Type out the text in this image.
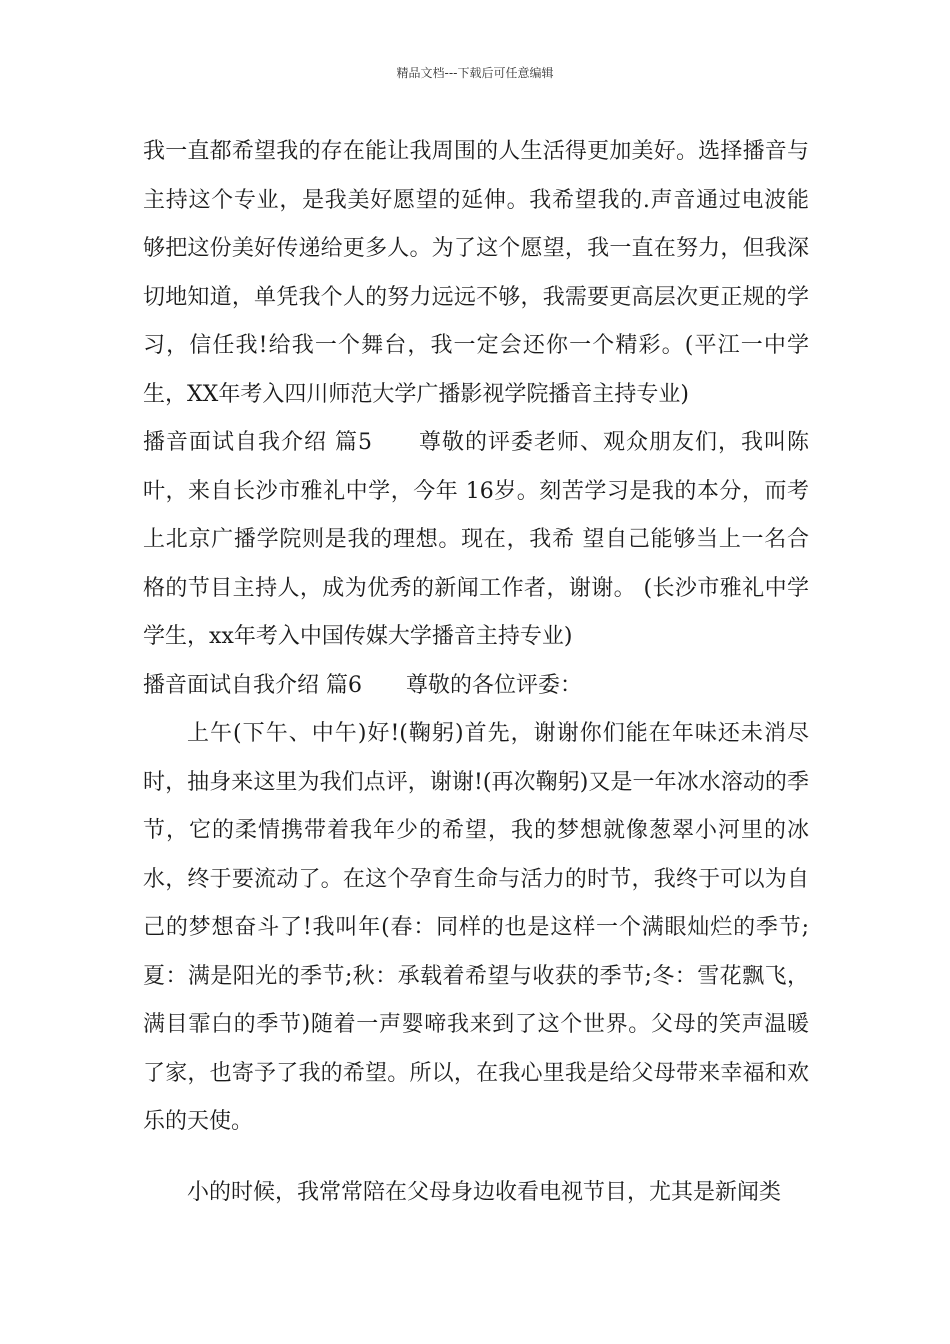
精品文档---下载后可任意编辑

我一直都希望我的存在能让我周围的人生活得更加美好。选择播音与主持这个专业，是我美好愿望的延伸。我希望我的.声音通过电波能够把这份美好传递给更多人。为了这个愿望，我一直在努力，但我深切地知道，单凭我个人的努力远远不够，我需要更高层次更正规的学习，信任我!给我一个舞台，我一定会还你一个精彩。(平江一中学生，XX年考入四川师范大学广播影视学院播音主持专业)

播音面试自我介绍 篇5　　尊敬的评委老师、观众朋友们，我叫陈叶，来自长沙市雅礼中学，今年 16岁。刻苦学习是我的本分，而考上北京广播学院则是我的理想。现在，我希 望自己能够当上一名合格的节目主持人，成为优秀的新闻工作者，谢谢。 (长沙市雅礼中学学生，xx年考入中国传媒大学播音主持专业)

播音面试自我介绍 篇6　　尊敬的各位评委：

上午(下午、中午)好!(鞠躬)首先，谢谢你们能在年味还未消尽时，抽身来这里为我们点评，谢谢!(再次鞠躬)又是一年冰水溶动的季节，它的柔情携带着我年少的希望，我的梦想就像葱翠小河里的冰水，终于要流动了。在这个孕育生命与活力的时节，我终于可以为自己的梦想奋斗了!我叫年(春：同样的也是这样一个满眼灿烂的季节;夏：满是阳光的季节;秋：承载着希望与收获的季节;冬：雪花飘飞，满目霏白的季节)随着一声婴啼我来到了这个世界。父母的笑声温暖了家，也寄予了我的希望。所以，在我心里我是给父母带来幸福和欢乐的天使。

小的时候，我常常陪在父母身边收看电视节目，尤其是新闻类
